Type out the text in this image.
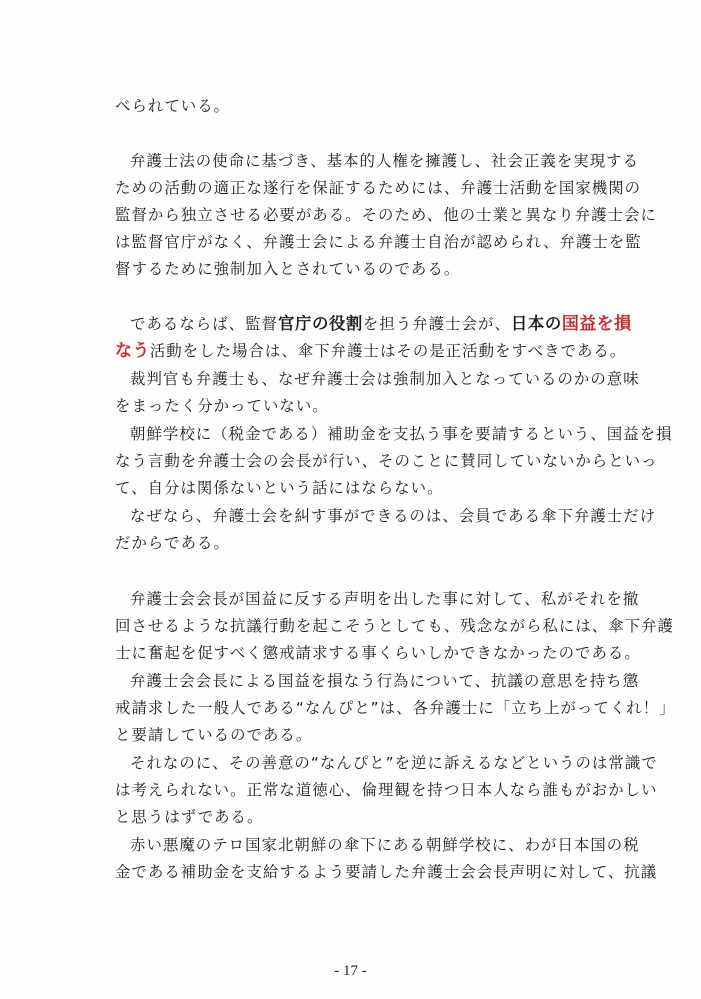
べられている。
弁護士法の使命に基づき、基本的人権を擁護し、社会正義を実現する
ための活動の適正な遂行を保証するためには、弁護士活動を国家機関の
監督から独立させる必要がある。そのため、他の士業と異なり弁護士会に
は監督官庁がなく、弁護士会による弁護士自治が認められ、弁護士を監
督するために強制加入とされているのである。
であるならば、監督官庁の役割を担う弁護士会が、日本の国益を損
なう活動をした場合は、傘下弁護士はその是正活動をすべきである。
裁判官も弁護士も、なぜ弁護士会は強制加入となっているのかの意味
をまったく分かっていない。
朝鮮学校に（税金である）補助金を支払う事を要請するという、国益を損
なう言動を弁護士会の会長が行い、そのことに賛同していないからといっ
て、自分は関係ないという話にはならない。
なぜなら、弁護士会を糾す事ができるのは、会員である傘下弁護士だけ
だからである。
弁護士会会長が国益に反する声明を出した事に対して、私がそれを撤
回させるような抗議行動を起こそうとしても、残念ながら私には、傘下弁護
士に奮起を促すべく懲戒請求する事くらいしかできなかったのである。
弁護士会会長による国益を損なう行為について、抗議の意思を持ち懲
戒請求した一般人である“なんぴと”は、各弁護士に「立ち上がってくれ！」
と要請しているのである。
それなのに、その善意の“なんぴと”を逆に訴えるなどというのは常識で
は考えられない。正常な道徳心、倫理観を持つ日本人なら誰もがおかしい
と思うはずである。
赤い悪魔のテロ国家北朝鮮の傘下にある朝鮮学校に、わが日本国の税
金である補助金を支給するよう要請した弁護士会会長声明に対して、抗議
- 17 -
